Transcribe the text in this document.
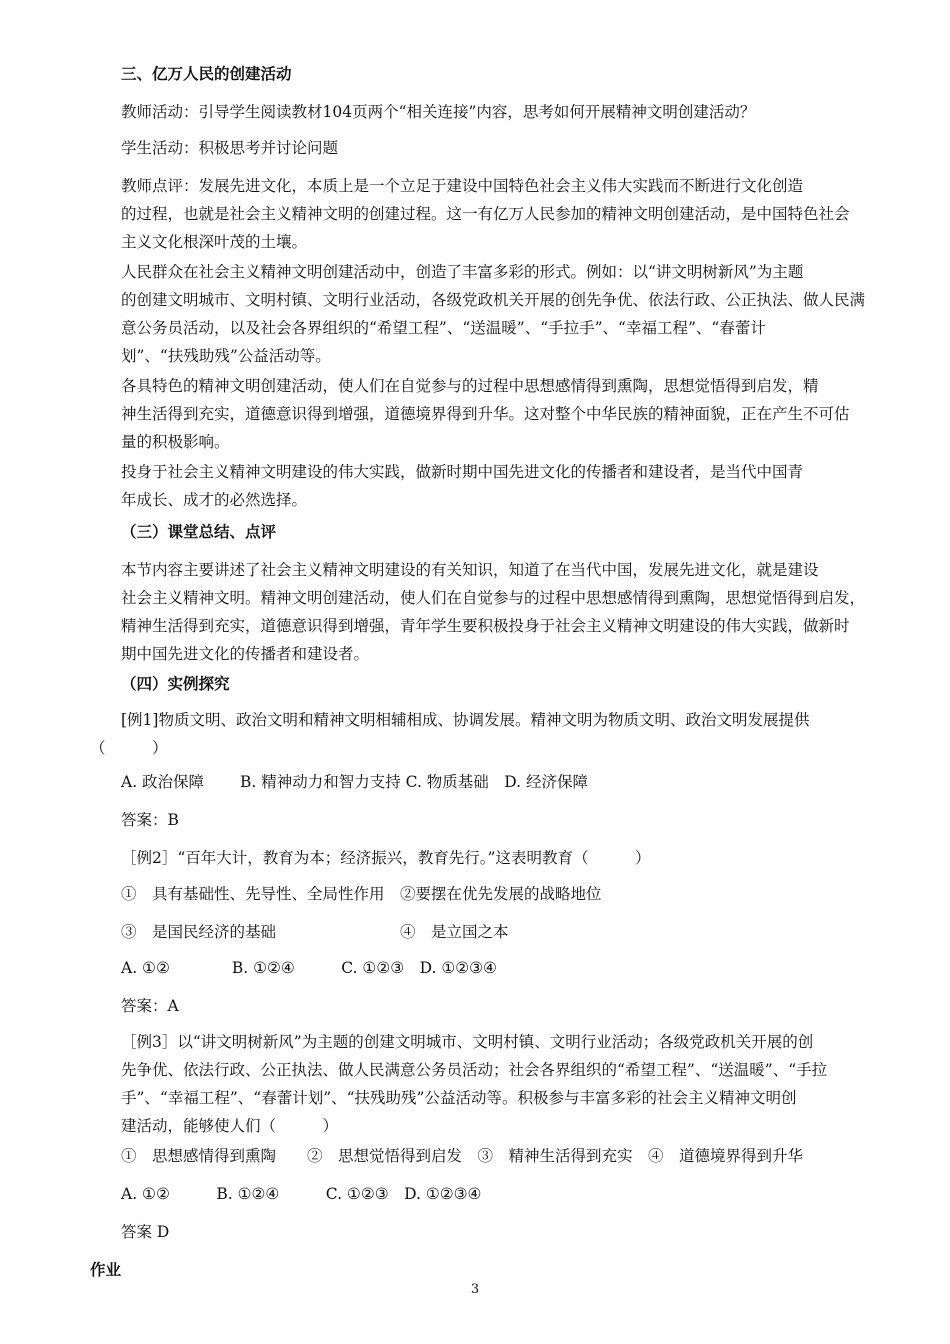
三、亿万人民的创建活动

教师活动：引导学生阅读教材104页两个“相关连接”内容，思考如何开展精神文明创建活动？

学生活动：积极思考并讨论问题

教师点评：发展先进文化，本质上是一个立足于建设中国特色社会主义伟大实践而不断进行文化创造
的过程，也就是社会主义精神文明的创建过程。这一有亿万人民参加的精神文明创建活动，是中国特色社会
主义文化根深叶茂的土壤。

人民群众在社会主义精神文明创建活动中，创造了丰富多彩的形式。例如：以“讲文明树新风”为主题
的创建文明城市、文明村镇、文明行业活动，各级党政机关开展的创先争优、依法行政、公正执法、做人民满
意公务员活动，以及社会各界组织的“希望工程”、“送温暖”、“手拉手”、“幸福工程”、“春蕾计
划”、“扶残助残”公益活动等。

各具特色的精神文明创建活动，使人们在自觉参与的过程中思想感情得到熏陶，思想觉悟得到启发，精
神生活得到充实，道德意识得到增强，道德境界得到升华。这对整个中华民族的精神面貌，正在产生不可估
量的积极影响。

投身于社会主义精神文明建设的伟大实践，做新时期中国先进文化的传播者和建设者，是当代中国青
年成长、成才的必然选择。

（三）课堂总结、点评

本节内容主要讲述了社会主义精神文明建设的有关知识，知道了在当代中国，发展先进文化，就是建设
社会主义精神文明。精神文明创建活动，使人们在自觉参与的过程中思想感情得到熏陶，思想觉悟得到启发，
精神生活得到充实，道德意识得到增强，青年学生要积极投身于社会主义精神文明建设的伟大实践，做新时
期中国先进文化的传播者和建设者。

（四）实例探究

[例1]物质文明、政治文明和精神文明相辅相成、协调发展。精神文明为物质文明、政治文明发展提供
（　　　）

A. 政治保障　　 B. 精神动力和智力支持 C. 物质基础　D. 经济保障

答案：B

［例2］“百年大计，教育为本；经济振兴，教育先行。”这表明教育（　　　）

①　具有基础性、先导性、全局性作用　②要摆在优先发展的战略地位

③　是国民经济的基础　　　　　　　　④　是立国之本

A. ①②　　　　B. ①②④　　　C. ①②③　D. ①②③④

答案：A

［例3］以“讲文明树新风”为主题的创建文明城市、文明村镇、文明行业活动；各级党政机关开展的创
先争优、依法行政、公正执法、做人民满意公务员活动；社会各界组织的“希望工程”、“送温暖”、“手拉
手”、“幸福工程”、“春蕾计划”、“扶残助残”公益活动等。积极参与丰富多彩的社会主义精神文明创
建活动，能够使人们（　　　）

①　思想感情得到熏陶　　②　思想觉悟得到启发　③　精神生活得到充实　④　道德境界得到升华

A. ①②　　　B. ①②④　　　C. ①②③　D. ①②③④

答案 D

作业

3
